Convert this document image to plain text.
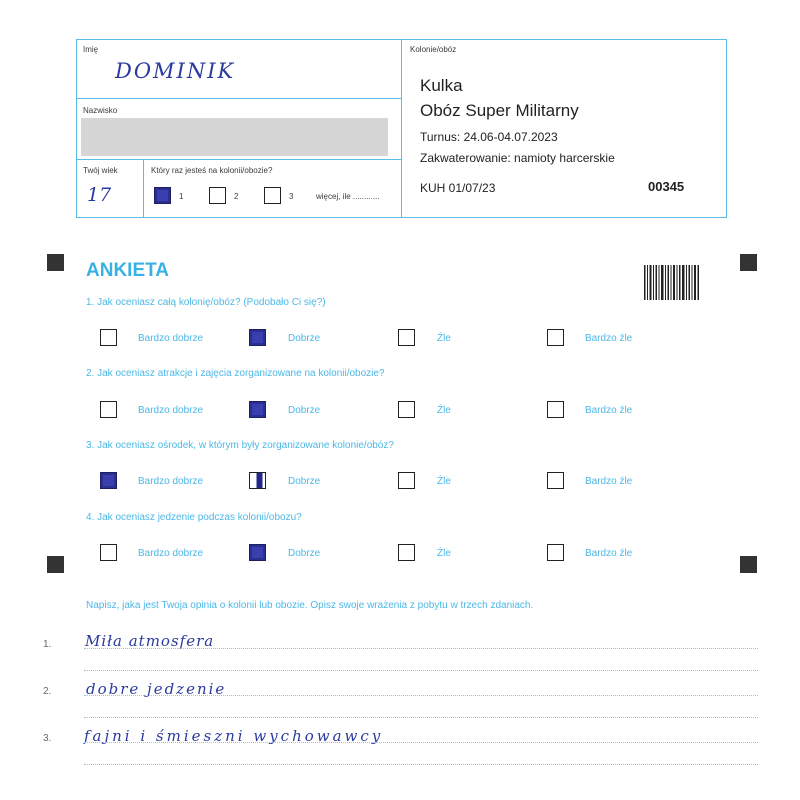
Imię
DOMINIK
Nazwisko
Twój wiek
17
Który raz jesteś na kolonii/obozie?
1	2	3	więcej, ile ............
Kolonie/obóz
Kulka
Obóz Super Militarny
Turnus: 24.06-04.07.2023
Zakwaterowanie: namioty harcerskie
KUH 01/07/23	00345
ANKIETA
1. Jak oceniasz całą kolonię/obóz? (Podobało Ci się?)
Bardzo dobrze	Dobrze	Źle	Bardzo źle
2. Jak oceniasz atrakcje i zajęcia zorganizowane na kolonii/obozie?
Bardzo dobrze	Dobrze	Źle	Bardzo źle
3. Jak oceniasz ośrodek, w którym były zorganizowane kolonie/obóz?
Bardzo dobrze	Dobrze	Źle	Bardzo źle
4. Jak oceniasz jedzenie podczas kolonii/obozu?
Bardzo dobrze	Dobrze	Źle	Bardzo źle
Napisz, jaka jest Twoja opinia o kolonii lub obozie. Opisz swoje wrażenia z pobytu w trzech zdaniach.
1. Miła atmosfera
2. dobre jedzenie
3. fajni i śmieszni wychowawcy
